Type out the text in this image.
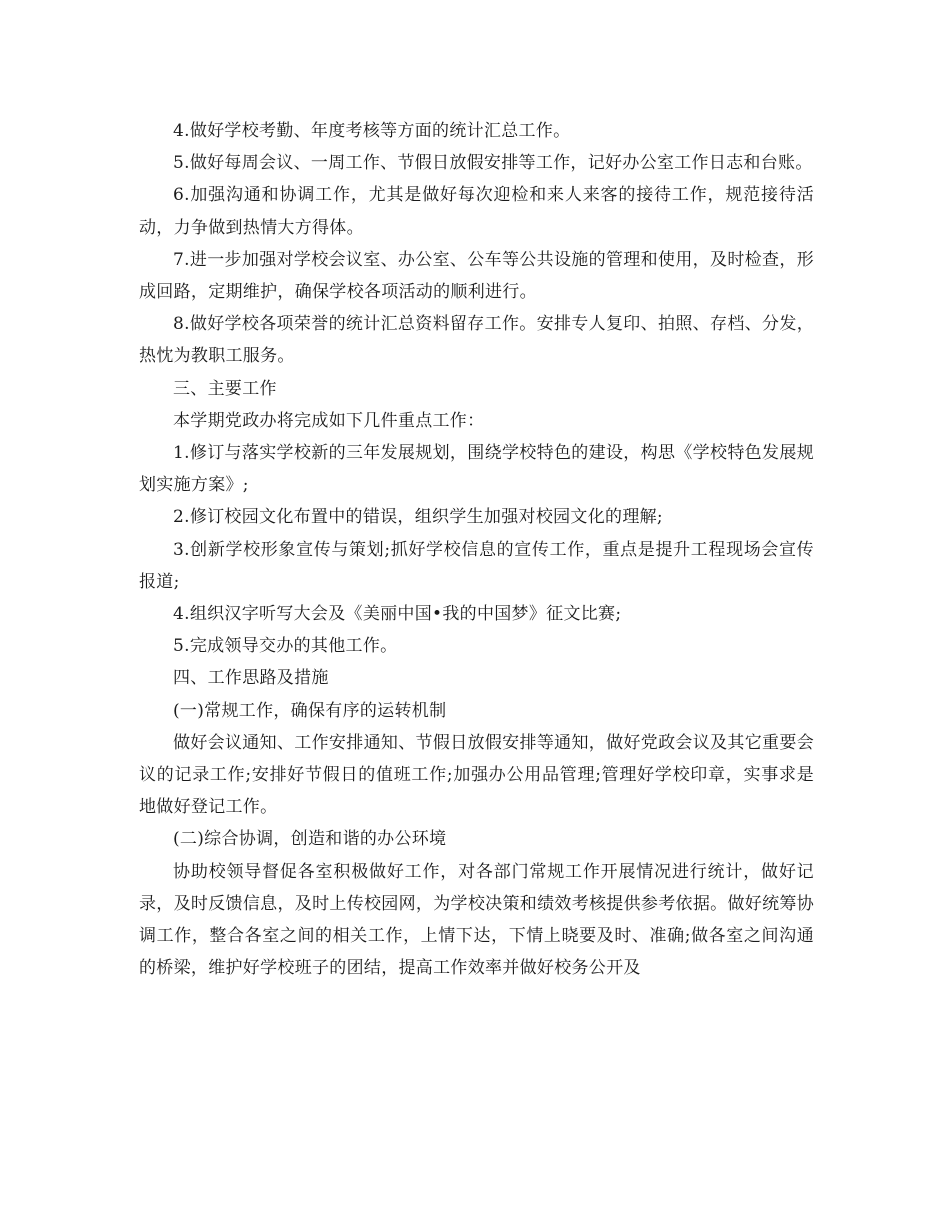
4.做好学校考勤、年度考核等方面的统计汇总工作。

5.做好每周会议、一周工作、节假日放假安排等工作，记好办公室工作日志和台账。

6.加强沟通和协调工作，尤其是做好每次迎检和来人来客的接待工作，规范接待活动，力争做到热情大方得体。

7.进一步加强对学校会议室、办公室、公车等公共设施的管理和使用，及时检查，形成回路，定期维护，确保学校各项活动的顺利进行。

8.做好学校各项荣誉的统计汇总资料留存工作。安排专人复印、拍照、存档、分发，热忱为教职工服务。

三、主要工作

本学期党政办将完成如下几件重点工作：

1.修订与落实学校新的三年发展规划，围绕学校特色的建设，构思《学校特色发展规划实施方案》;

2.修订校园文化布置中的错误，组织学生加强对校园文化的理解;

3.创新学校形象宣传与策划;抓好学校信息的宣传工作，重点是提升工程现场会宣传报道;

4.组织汉字听写大会及《美丽中国•我的中国梦》征文比赛;

5.完成领导交办的其他工作。

四、工作思路及措施

(一)常规工作，确保有序的运转机制

做好会议通知、工作安排通知、节假日放假安排等通知，做好党政会议及其它重要会议的记录工作;安排好节假日的值班工作;加强办公用品管理;管理好学校印章，实事求是地做好登记工作。

(二)综合协调，创造和谐的办公环境

协助校领导督促各室积极做好工作，对各部门常规工作开展情况进行统计，做好记录，及时反馈信息，及时上传校园网，为学校决策和绩效考核提供参考依据。做好统筹协调工作，整合各室之间的相关工作，上情下达，下情上晓要及时、准确;做各室之间沟通的桥梁，维护好学校班子的团结，提高工作效率并做好校务公开及
